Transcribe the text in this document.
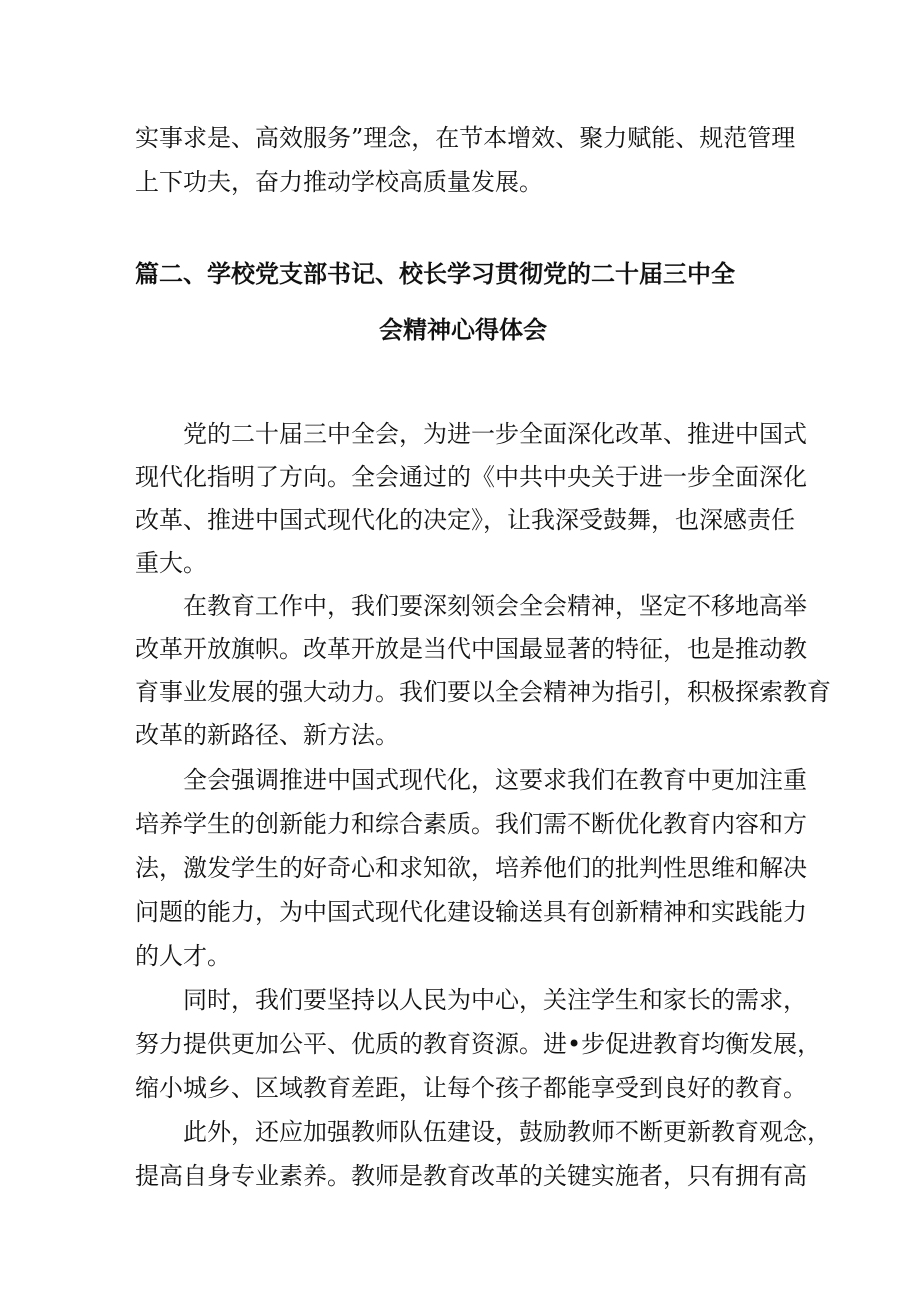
实事求是、高效服务”理念，在节本增效、聚力赋能、规范管理
上下功夫，奋力推动学校高质量发展。
篇二、学校党支部书记、校长学习贯彻党的二十届三中全
会精神心得体会
党的二十届三中全会，为进一步全面深化改革、推进中国式
现代化指明了方向。全会通过的《中共中央关于进一步全面深化
改革、推进中国式现代化的决定》，让我深受鼓舞，也深感责任
重大。
在教育工作中，我们要深刻领会全会精神，坚定不移地高举
改革开放旗帜。改革开放是当代中国最显著的特征，也是推动教
育事业发展的强大动力。我们要以全会精神为指引，积极探索教育
改革的新路径、新方法。
全会强调推进中国式现代化，这要求我们在教育中更加注重
培养学生的创新能力和综合素质。我们需不断优化教育内容和方
法，激发学生的好奇心和求知欲，培养他们的批判性思维和解决
问题的能力，为中国式现代化建设输送具有创新精神和实践能力
的人才。
同时，我们要坚持以人民为中心，关注学生和家长的需求，
努力提供更加公平、优质的教育资源。进•步促进教育均衡发展，
缩小城乡、区域教育差距，让每个孩子都能享受到良好的教育。
此外，还应加强教师队伍建设，鼓励教师不断更新教育观念，
提高自身专业素养。教师是教育改革的关键实施者，只有拥有高
